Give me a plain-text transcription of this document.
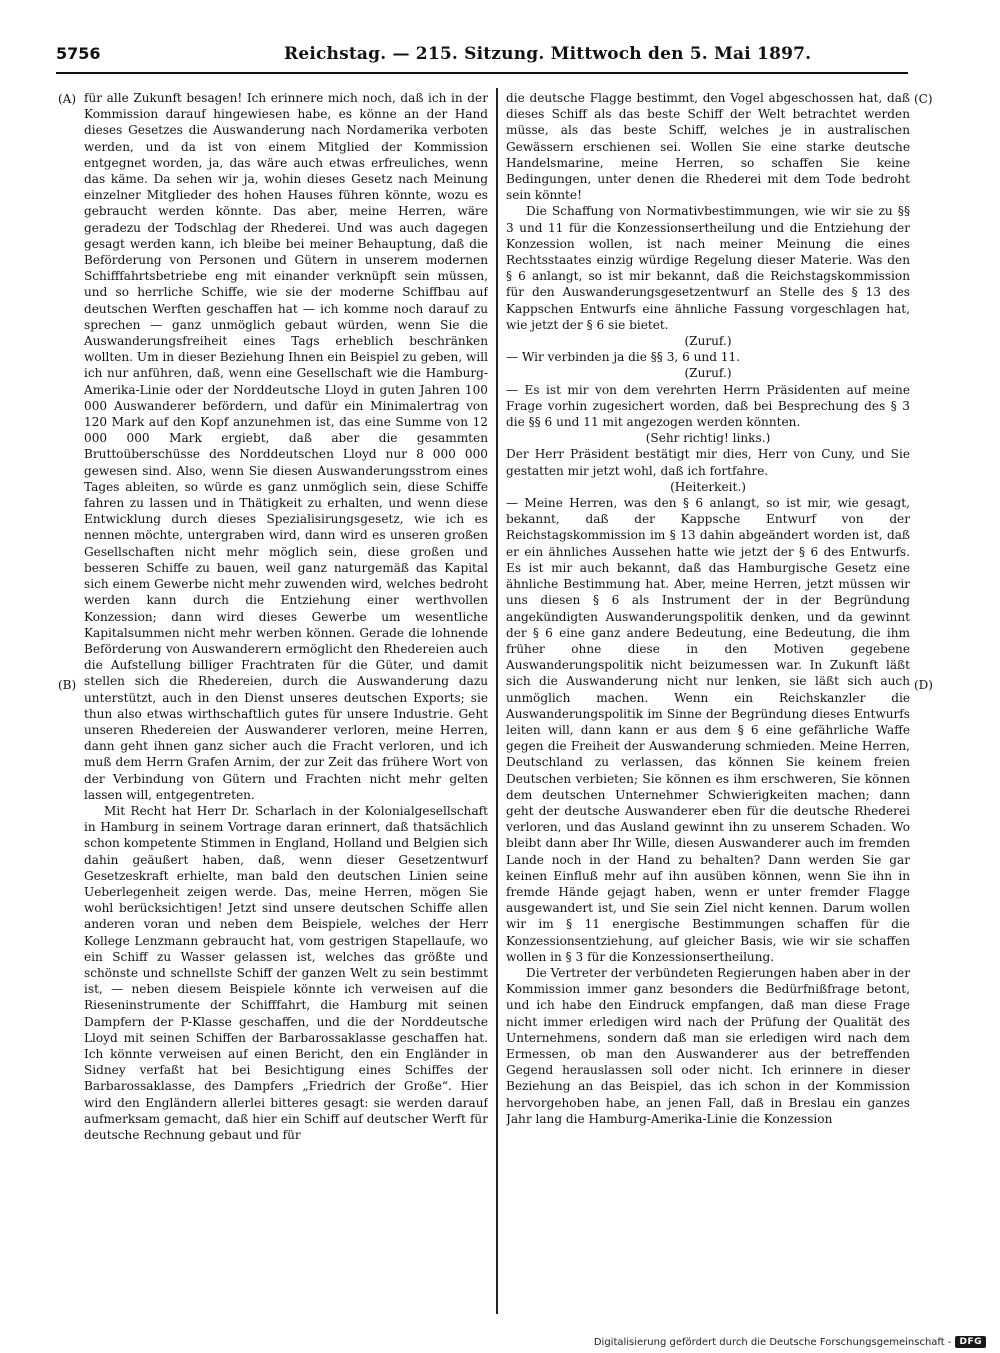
5756	Reichstag. — 215. Sitzung. Mittwoch den 5. Mai 1897.
(A)
(B)
(C)
(D)

für alle Zukunft besagen! Ich erinnere mich noch, daß ich in der Kommission darauf hingewiesen habe, es könne an der Hand dieses Gesetzes die Auswanderung nach Nordamerika verboten werden, und da ist von einem Mitglied der Kommission entgegnet worden, ja, das wäre auch etwas erfreuliches, wenn das käme. Da sehen wir ja, wohin dieses Gesetz nach Meinung einzelner Mitglieder des hohen Hauses führen könnte, wozu es gebraucht werden könnte. Das aber, meine Herren, wäre geradezu der Todschlag der Rhederei. Und was auch dagegen gesagt werden kann, ich bleibe bei meiner Behauptung, daß die Beförderung von Personen und Gütern in unserem modernen Schifffahrtsbetriebe eng mit einander verknüpft sein müssen, und so herrliche Schiffe, wie sie der moderne Schiffbau auf deutschen Werften geschaffen hat — ich komme noch darauf zu sprechen — ganz unmöglich gebaut würden, wenn Sie die Auswanderungsfreiheit eines Tags erheblich beschränken wollten. Um in dieser Beziehung Ihnen ein Beispiel zu geben, will ich nur anführen, daß, wenn eine Gesellschaft wie die Hamburg-Amerika-Linie oder der Norddeutsche Lloyd in guten Jahren 100 000 Auswanderer befördern, und dafür ein Minimalertrag von 120 Mark auf den Kopf anzunehmen ist, das eine Summe von 12 000 000 Mark ergiebt, daß aber die gesammten Bruttoüberschüsse des Norddeutschen Lloyd nur 8 000 000 gewesen sind. Also, wenn Sie diesen Auswanderungsstrom eines Tages ableiten, so würde es ganz unmöglich sein, diese Schiffe fahren zu lassen und in Thätigkeit zu erhalten, und wenn diese Entwicklung durch dieses Spezialisirungsgesetz, wie ich es nennen möchte, untergraben wird, dann wird es unseren großen Gesellschaften nicht mehr möglich sein, diese großen und besseren Schiffe zu bauen, weil ganz naturgemäß das Kapital sich einem Gewerbe nicht mehr zuwenden wird, welches bedroht werden kann durch die Entziehung einer werthvollen Konzession; dann wird dieses Gewerbe um wesentliche Kapitalsummen nicht mehr werben können. Gerade die lohnende Beförderung von Auswanderern ermöglicht den Rhedereien auch die Aufstellung billiger Frachtraten für die Güter, und damit stellen sich die Rhedereien, durch die Auswanderung dazu unterstützt, auch in den Dienst unseres deutschen Exports; sie thun also etwas wirthschaftlich gutes für unsere Industrie. Geht unseren Rhedereien der Auswanderer verloren, meine Herren, dann geht ihnen ganz sicher auch die Fracht verloren, und ich muß dem Herrn Grafen Arnim, der zur Zeit das frühere Wort von der Verbindung von Gütern und Frachten nicht mehr gelten lassen will, entgegentreten.

Mit Recht hat Herr Dr. Scharlach in der Kolonialgesellschaft in Hamburg in seinem Vortrage daran erinnert, daß thatsächlich schon kompetente Stimmen in England, Holland und Belgien sich dahin geäußert haben, daß, wenn dieser Gesetzentwurf Gesetzeskraft erhielte, man bald den deutschen Linien seine Ueberlegenheit zeigen werde. Das, meine Herren, mögen Sie wohl berücksichtigen! Jetzt sind unsere deutschen Schiffe allen anderen voran und neben dem Beispiele, welches der Herr Kollege Lenzmann gebraucht hat, vom gestrigen Stapellaufe, wo ein Schiff zu Wasser gelassen ist, welches das größte und schönste und schnellste Schiff der ganzen Welt zu sein bestimmt ist, — neben diesem Beispiele könnte ich verweisen auf die Rieseninstrumente der Schifffahrt, die Hamburg mit seinen Dampfern der P-Klasse geschaffen, und die der Norddeutsche Lloyd mit seinen Schiffen der Barbarossaklasse geschaffen hat. Ich könnte verweisen auf einen Bericht, den ein Engländer in Sidney verfaßt hat bei Besichtigung eines Schiffes der Barbarossaklasse, des Dampfers „Friedrich der Große“. Hier wird den Engländern allerlei bitteres gesagt: sie werden darauf aufmerksam gemacht, daß hier ein Schiff auf deutscher Werft für deutsche Rechnung gebaut und für

die deutsche Flagge bestimmt, den Vogel abgeschossen hat, daß dieses Schiff als das beste Schiff der Welt betrachtet werden müsse, als das beste Schiff, welches je in australischen Gewässern erschienen sei. Wollen Sie eine starke deutsche Handelsmarine, meine Herren, so schaffen Sie keine Bedingungen, unter denen die Rhederei mit dem Tode bedroht sein könnte!

Die Schaffung von Normativbestimmungen, wie wir sie zu §§ 3 und 11 für die Konzessionsertheilung und die Entziehung der Konzession wollen, ist nach meiner Meinung die eines Rechtsstaates einzig würdige Regelung dieser Materie. Was den § 6 anlangt, so ist mir bekannt, daß die Reichstagskommission für den Auswanderungsgesetzentwurf an Stelle des § 13 des Kappschen Entwurfs eine ähnliche Fassung vorgeschlagen hat, wie jetzt der § 6 sie bietet.

(Zuruf.)

— Wir verbinden ja die §§ 3, 6 und 11.

(Zuruf.)

— Es ist mir von dem verehrten Herrn Präsidenten auf meine Frage vorhin zugesichert worden, daß bei Besprechung des § 3 die §§ 6 und 11 mit angezogen werden könnten.

(Sehr richtig! links.)

Der Herr Präsident bestätigt mir dies, Herr von Cuny, und Sie gestatten mir jetzt wohl, daß ich fortfahre.

(Heiterkeit.)

— Meine Herren, was den § 6 anlangt, so ist mir, wie gesagt, bekannt, daß der Kappsche Entwurf von der Reichstagskommission im § 13 dahin abgeändert worden ist, daß er ein ähnliches Aussehen hatte wie jetzt der § 6 des Entwurfs. Es ist mir auch bekannt, daß das Hamburgische Gesetz eine ähnliche Bestimmung hat. Aber, meine Herren, jetzt müssen wir uns diesen § 6 als Instrument der in der Begründung angekündigten Auswanderungspolitik denken, und da gewinnt der § 6 eine ganz andere Bedeutung, eine Bedeutung, die ihm früher ohne diese in den Motiven gegebene Auswanderungspolitik nicht beizumessen war. In Zukunft läßt sich die Auswanderung nicht nur lenken, sie läßt sich auch unmöglich machen. Wenn ein Reichskanzler die Auswanderungspolitik im Sinne der Begründung dieses Entwurfs leiten will, dann kann er aus dem § 6 eine gefährliche Waffe gegen die Freiheit der Auswanderung schmieden. Meine Herren, Deutschland zu verlassen, das können Sie keinem freien Deutschen verbieten; Sie können es ihm erschweren, Sie können dem deutschen Unternehmer Schwierigkeiten machen; dann geht der deutsche Auswanderer eben für die deutsche Rhederei verloren, und das Ausland gewinnt ihn zu unserem Schaden. Wo bleibt dann aber Ihr Wille, diesen Auswanderer auch im fremden Lande noch in der Hand zu behalten? Dann werden Sie gar keinen Einfluß mehr auf ihn ausüben können, wenn Sie ihn in fremde Hände gejagt haben, wenn er unter fremder Flagge ausgewandert ist, und Sie sein Ziel nicht kennen. Darum wollen wir im § 11 energische Bestimmungen schaffen für die Konzessionsentziehung, auf gleicher Basis, wie wir sie schaffen wollen in § 3 für die Konzessionsertheilung.

Die Vertreter der verbündeten Regierungen haben aber in der Kommission immer ganz besonders die Bedürfnißfrage betont, und ich habe den Eindruck empfangen, daß man diese Frage nicht immer erledigen wird nach der Prüfung der Qualität des Unternehmens, sondern daß man sie erledigen wird nach dem Ermessen, ob man den Auswanderer aus der betreffenden Gegend herauslassen soll oder nicht. Ich erinnere in dieser Beziehung an das Beispiel, das ich schon in der Kommission hervorgehoben habe, an jenen Fall, daß in Breslau ein ganzes Jahr lang die Hamburg-Amerika-Linie die Konzession

Digitalisierung gefördert durch die Deutsche Forschungsgemeinschaft - DFG
